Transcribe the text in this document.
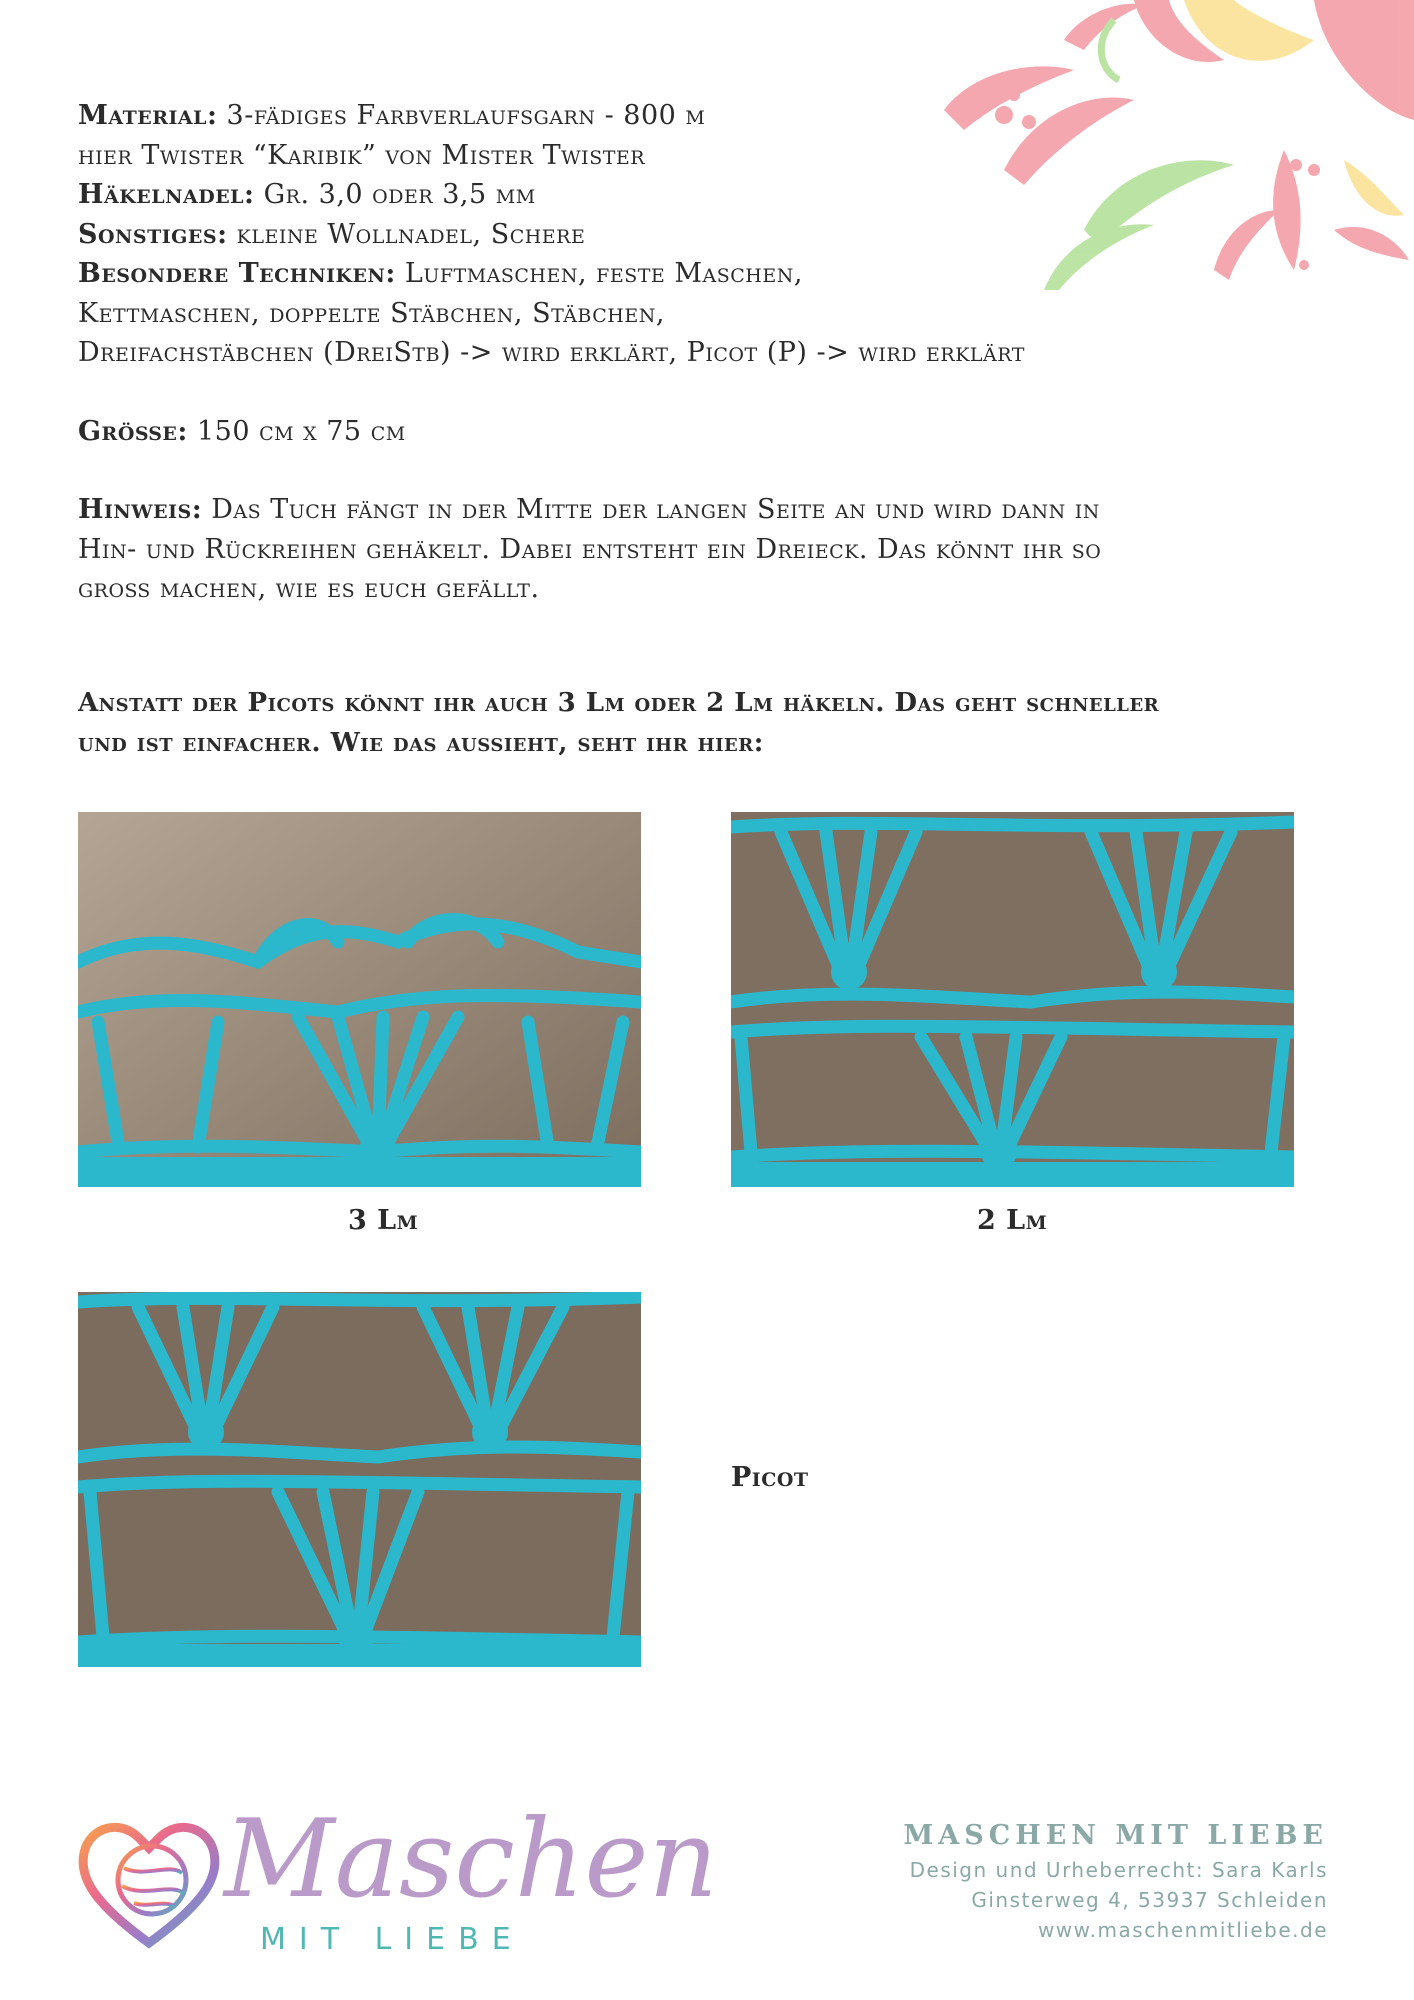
Material: 3-fädiges Farbverlaufsgarn - 800 m

hier Twister “Karibik” von Mister Twister

Häkelnadel: Gr. 3,0 oder 3,5 mm

Sonstiges: kleine Wollnadel, Schere

Besondere Techniken: Luftmaschen, feste Maschen,

Kettmaschen, doppelte Stäbchen, Stäbchen,

Dreifachstäbchen (DreiStb) -> wird erklärt, Picot (P) -> wird erklärt

Größe: 150 cm x 75 cm

Hinweis: Das Tuch fängt in der Mitte der langen Seite an und wird dann in

Hin- und Rückreihen gehäkelt. Dabei entsteht ein Dreieck. Das könnt ihr so

groß machen, wie es euch gefällt.

Anstatt der Picots könnt ihr auch 3 Lm oder 2 Lm häkeln. Das geht schneller
und ist einfacher. Wie das aussieht, seht ihr hier:
3 Lm	2 Lm
Picot
Maschen
MIT LIEBE
MASCHEN MIT LIEBE
Design und Urheberrecht: Sara Karls
Ginsterweg 4, 53937 Schleiden
www.maschenmitliebe.de
